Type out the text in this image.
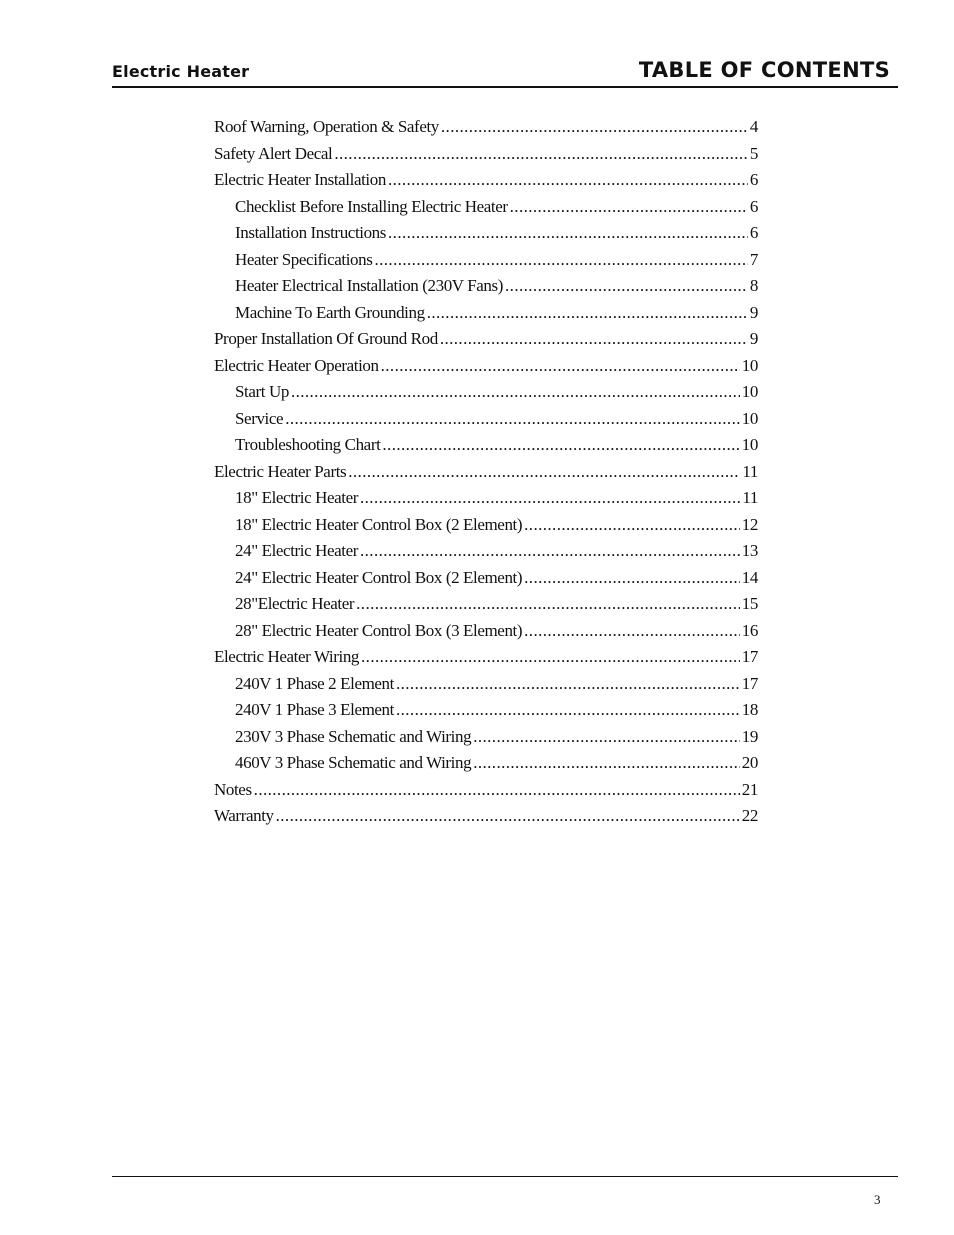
Electric Heater	TABLE OF CONTENTS
Roof Warning, Operation & Safety .....	4
Safety Alert Decal .....	5
Electric Heater Installation .....	6
Checklist Before Installing Electric Heater .....	6
Installation Instructions .....	6
Heater Specifications .....	7
Heater Electrical Installation (230V Fans) .....	8
Machine To Earth Grounding .....	9
Proper Installation Of Ground Rod .....	9
Electric Heater Operation .....	10
Start Up .....	10
Service .....	10
Troubleshooting Chart .....	10
Electric Heater Parts .....	11
18" Electric Heater .....	11
18" Electric Heater Control Box (2 Element) .....	12
24" Electric Heater .....	13
24" Electric Heater Control Box (2 Element) .....	14
28"Electric Heater .....	15
28" Electric Heater Control Box (3 Element) .....	16
Electric Heater Wiring .....	17
240V 1 Phase 2 Element .....	17
240V 1 Phase 3 Element .....	18
230V 3 Phase Schematic and Wiring .....	19
460V 3 Phase Schematic and Wiring .....	20
Notes .....	21
Warranty .....	22
3
